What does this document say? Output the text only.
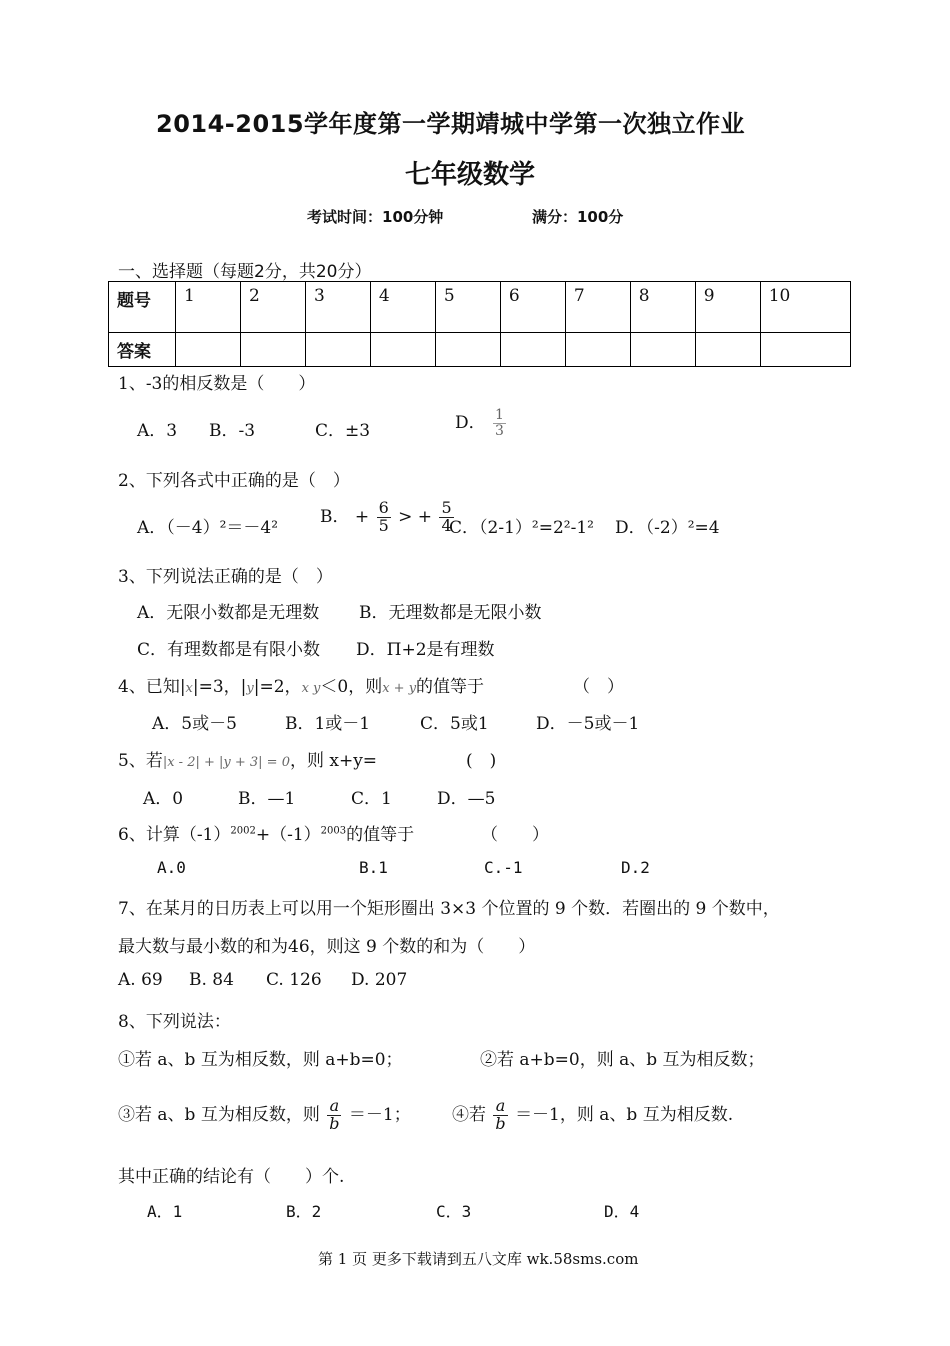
2014-2015学年度第一学期靖城中学第一次独立作业
七年级数学
考试时间：100分钟	满分：100分
一、选择题（每题2分，共20分）
题号	1	2	3	4	5	6	7	8	9	10
答案										
1、-3的相反数是（　　）
A．3 B．-3	C．±3	D． $\frac{1}{3}$
2、下列各式中正确的是（　）
A．（－4）²＝－4²
B． + $\frac{6}{5}$ > + $\frac{5}{4}$
C．（2-1）²=2²-1² D．（-2）²=4
3、下列说法正确的是（　）
A．无限小数都是无理数 B．无理数都是无限小数
C．有理数都是有限小数 D．Π+2是有理数
4、已知|x|=3，|y|=2，x y＜0，则x + y的值等于	（　）
A．5或－5	B．1或－1	C．5或1	D．－5或－1
5、若|x - 2| + |y + 3| = 0，则 x+y=	(　)
A．0	B．—1	C．1	D．—5
6、计算$(-1)^{2002}+(-1)^{2003}$的值等于	（　　）
A.0	B.1	C.-1	D.2
7、在某月的日历表上可以用一个矩形圈出 3×3 个位置的 9 个数．若圈出的 9 个数中，
最大数与最小数的和为46，则这 9 个数的和为（　　）
A. 69 B. 84 C. 126 D. 207
8、下列说法：
①若 a、b 互为相反数，则 a+b=0；	②若 a+b=0，则 a、b 互为相反数；
③若 a、b 互为相反数，则 $\frac{a}{b} =-1$； ④若 $\frac{a}{b} =-1$，则 a、b 互为相反数.
其中正确的结论有（　　）个.
A．1	B．2	C．3	D．4
第 1 页 更多下载请到五八文库 wk.58sms.com
